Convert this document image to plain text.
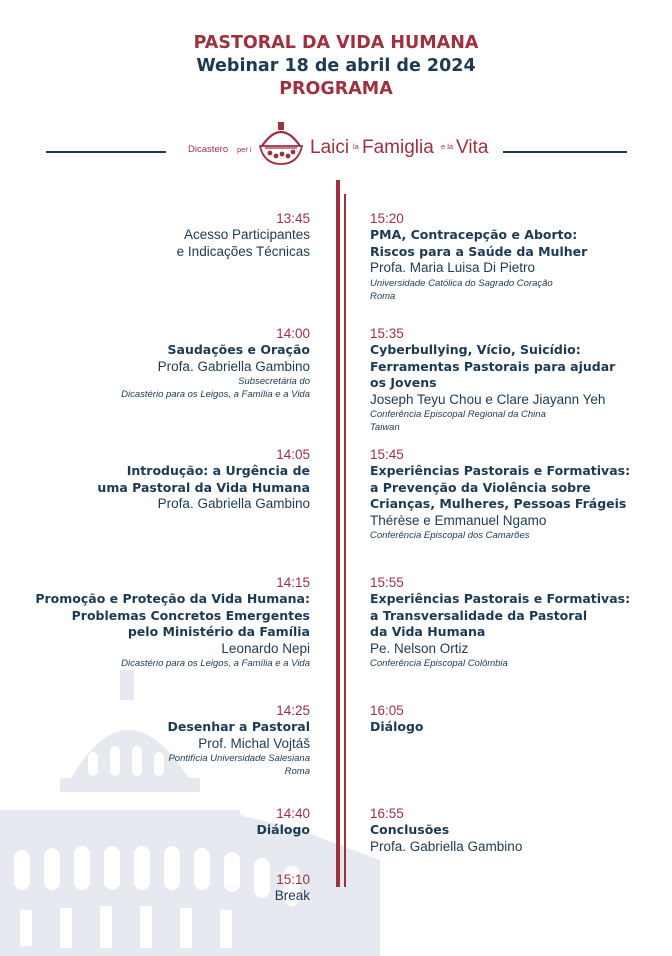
PASTORAL DA VIDA HUMANA
Webinar 18 de abril de 2024
PROGRAMA
Dicastero per i	Laici la Famiglia e la Vita
13:45
Acesso Participantes
e Indicações Técnicas
14:00
Saudações e Oração
Profa. Gabriella Gambino
Subsecretária do
Dicastério para os Leigos, a Família e a Vida
14:05
Introdução: a Urgência de
uma Pastoral da Vida Humana
Profa. Gabriella Gambino
14:15
Promoção e Proteção da Vida Humana:
Problemas Concretos Emergentes
pelo Ministério da Família
Leonardo Nepi
Dicastério para os Leigos, a Família e a Vida
14:25
Desenhar a Pastoral
Prof. Michal Vojtáš
Pontifícia Universidade Salesiana
Roma
14:40
Diálogo
15:10
Break
15:20
PMA, Contracepção e Aborto:
Riscos para a Saúde da Mulher
Profa. Maria Luisa Di Pietro
Universidade Católica do Sagrado Coração
Roma
15:35
Cyberbullying, Vício, Suicídio:
Ferramentas Pastorais para ajudar
os Jovens
Joseph Teyu Chou e Clare Jiayann Yeh
Conferência Episcopal Regional da China
Taiwan
15:45
Experiências Pastorais e Formativas:
a Prevenção da Violência sobre
Crianças, Mulheres, Pessoas Frágeis
Thérèse e Emmanuel Ngamo
Conferência Episcopal dos Camarões
15:55
Experiências Pastorais e Formativas:
a Transversalidade da Pastoral
da Vida Humana
Pe. Nelson Ortiz
Conferência Episcopal Colômbia
16:05
Diálogo
16:55
Conclusões
Profa. Gabriella Gambino
